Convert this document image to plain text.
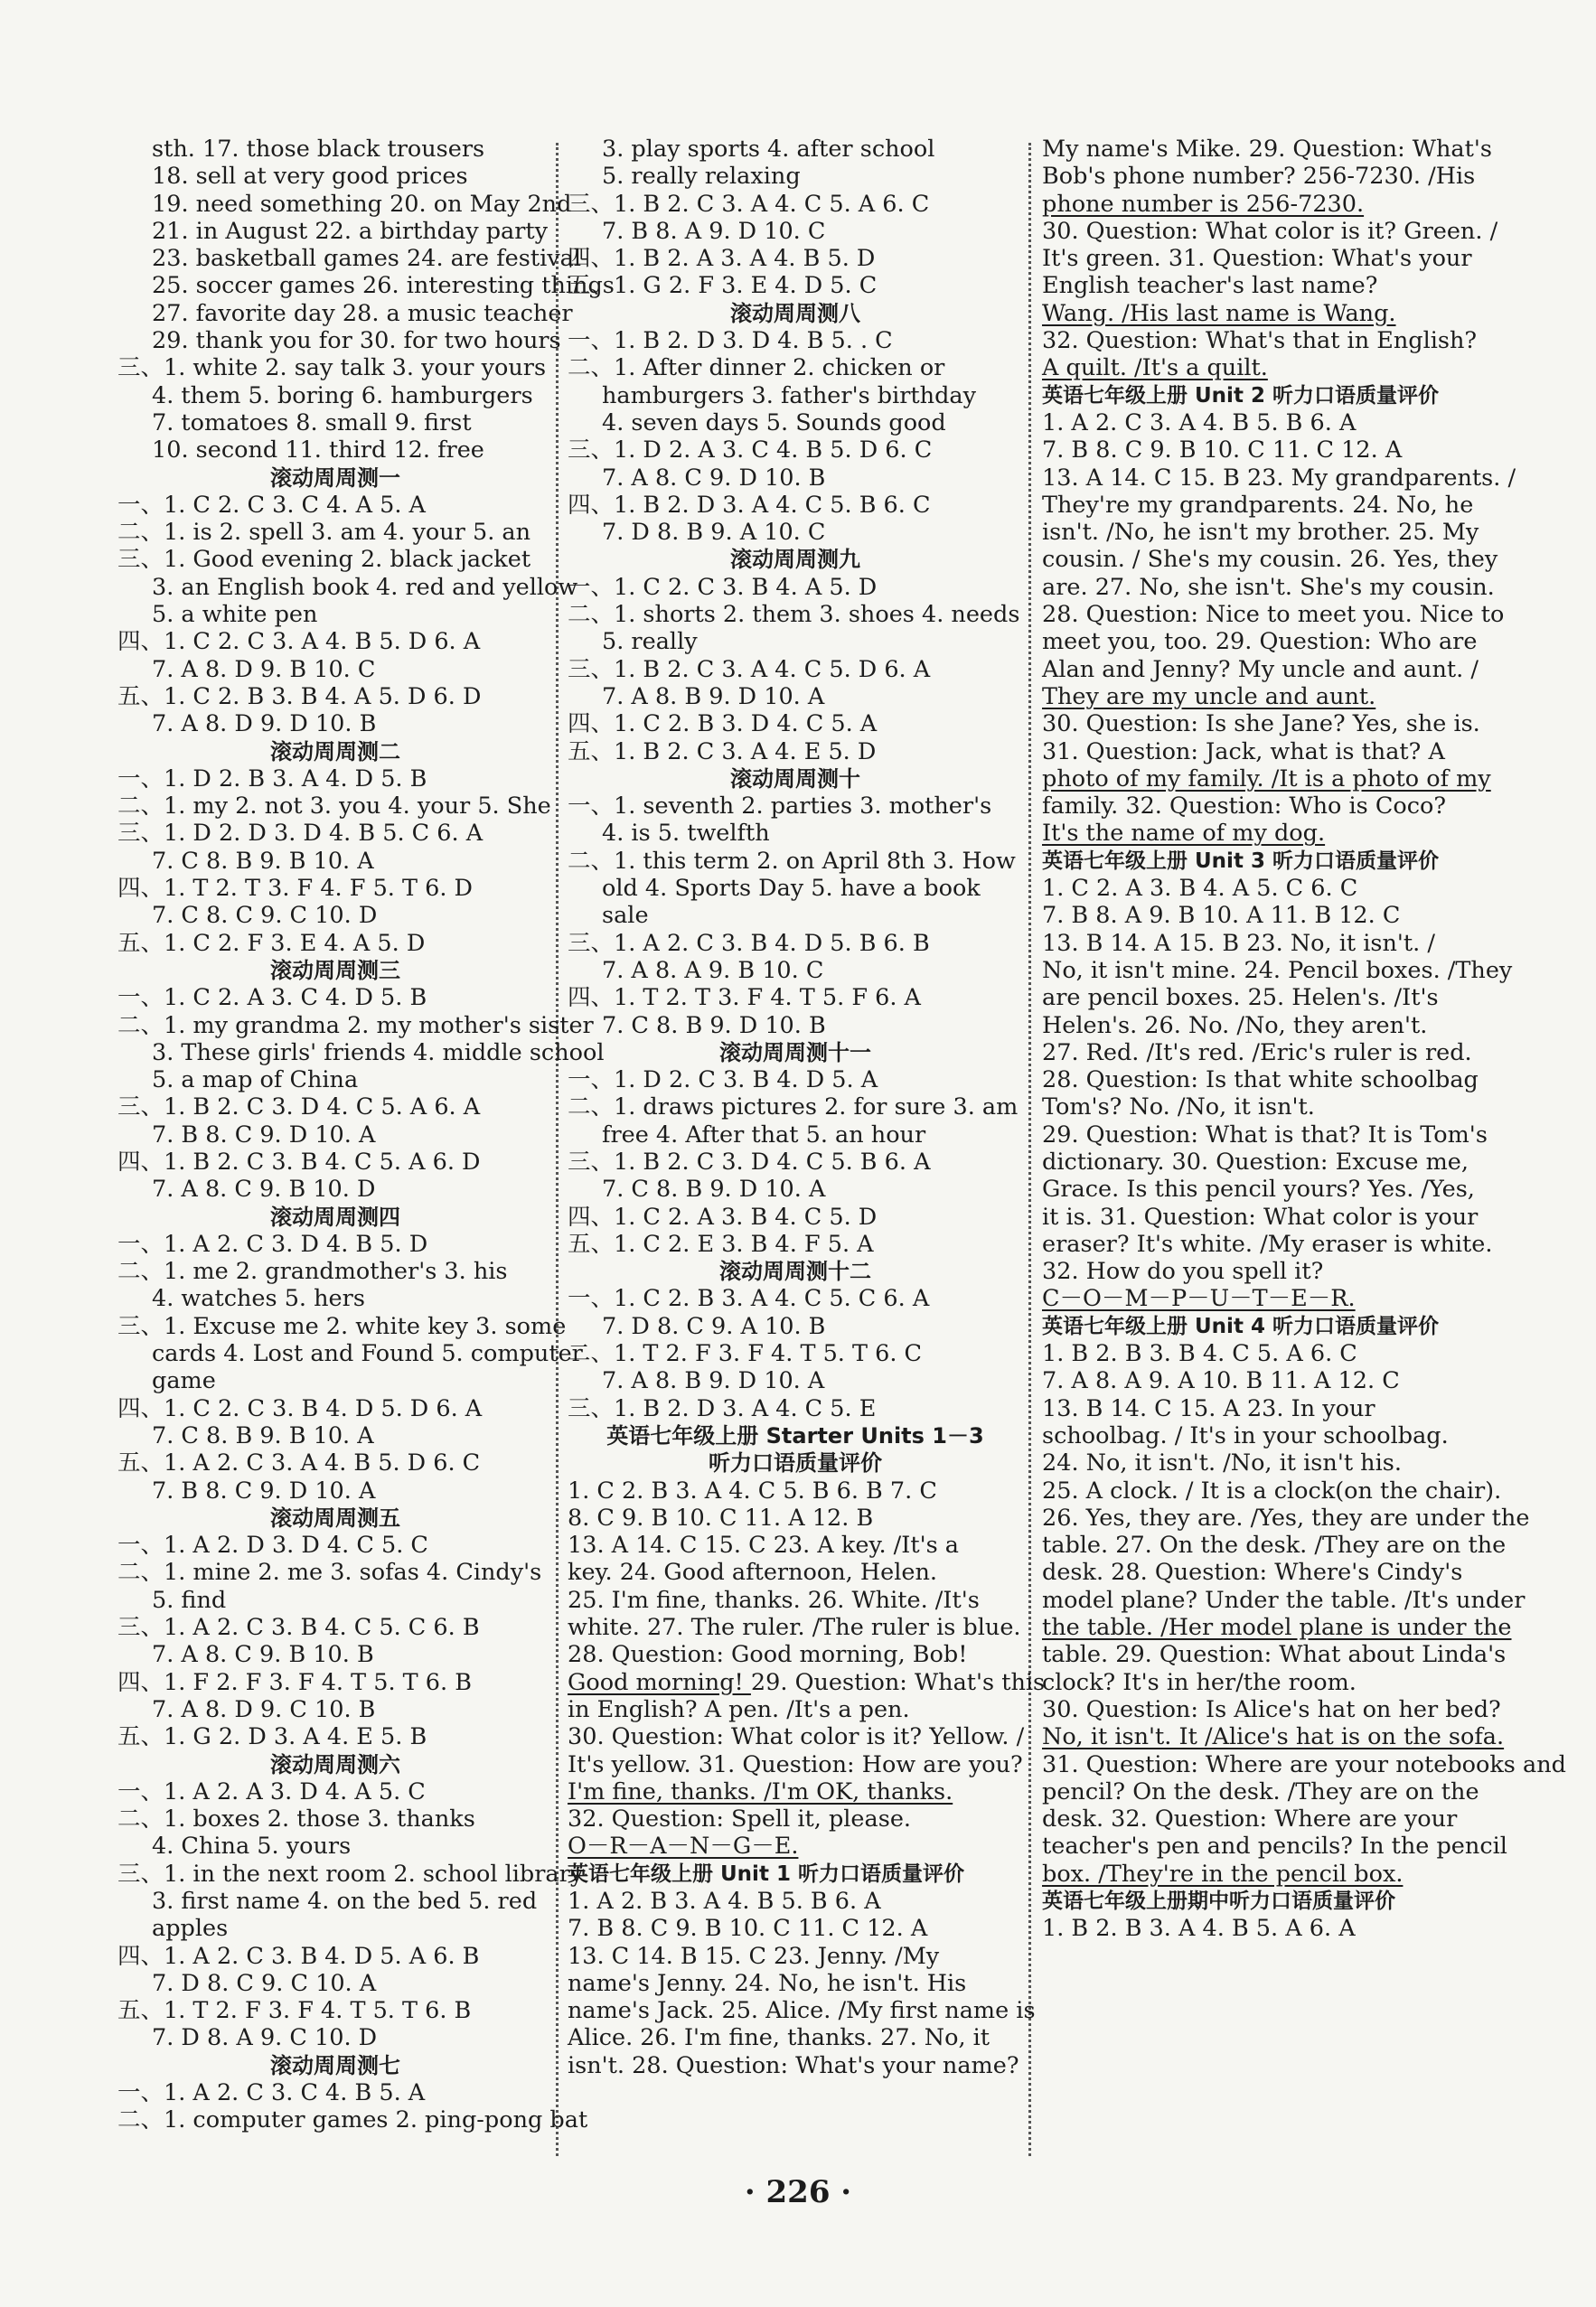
sth. 17. those black trousers
18. sell at very good prices
19. need something 20. on May 2nd
21. in August 22. a birthday party
23. basketball games 24. are festival
25. soccer games 26. interesting things
27. favorite day 28. a music teacher
29. thank you for 30. for two hours
三、1. white 2. say talk 3. your yours
4. them 5. boring 6. hamburgers
7. tomatoes 8. small 9. first
10. second 11. third 12. free
滚动周周测一
一、1. C 2. C 3. C 4. A 5. A
二、1. is 2. spell 3. am 4. your 5. an
三、1. Good evening 2. black jacket
3. an English book 4. red and yellow
5. a white pen
四、1. C 2. C 3. A 4. B 5. D 6. A
7. A 8. D 9. B 10. C
五、1. C 2. B 3. B 4. A 5. D 6. D
7. A 8. D 9. D 10. B
滚动周周测二
一、1. D 2. B 3. A 4. D 5. B
二、1. my 2. not 3. you 4. your 5. She
三、1. D 2. D 3. D 4. B 5. C 6. A
7. C 8. B 9. B 10. A
四、1. T 2. T 3. F 4. F 5. T 6. D
7. C 8. C 9. C 10. D
五、1. C 2. F 3. E 4. A 5. D
滚动周周测三
一、1. C 2. A 3. C 4. D 5. B
二、1. my grandma 2. my mother's sister
3. These girls' friends 4. middle school
5. a map of China
三、1. B 2. C 3. D 4. C 5. A 6. A
7. B 8. C 9. D 10. A
四、1. B 2. C 3. B 4. C 5. A 6. D
7. A 8. C 9. B 10. D
滚动周周测四
一、1. A 2. C 3. D 4. B 5. D
二、1. me 2. grandmother's 3. his
4. watches 5. hers
三、1. Excuse me 2. white key 3. some
cards 4. Lost and Found 5. computer
game
四、1. C 2. C 3. B 4. D 5. D 6. A
7. C 8. B 9. B 10. A
五、1. A 2. C 3. A 4. B 5. D 6. C
7. B 8. C 9. D 10. A
滚动周周测五
一、1. A 2. D 3. D 4. C 5. C
二、1. mine 2. me 3. sofas 4. Cindy's
5. find
三、1. A 2. C 3. B 4. C 5. C 6. B
7. A 8. C 9. B 10. B
四、1. F 2. F 3. F 4. T 5. T 6. B
7. A 8. D 9. C 10. B
五、1. G 2. D 3. A 4. E 5. B
滚动周周测六
一、1. A 2. A 3. D 4. A 5. C
二、1. boxes 2. those 3. thanks
4. China 5. yours
三、1. in the next room 2. school library
3. first name 4. on the bed 5. red
apples
四、1. A 2. C 3. B 4. D 5. A 6. B
7. D 8. C 9. C 10. A
五、1. T 2. F 3. F 4. T 5. T 6. B
7. D 8. A 9. C 10. D
滚动周周测七
一、1. A 2. C 3. C 4. B 5. A
二、1. computer games 2. ping-pong bat
3. play sports 4. after school
5. really relaxing
三、1. B 2. C 3. A 4. C 5. A 6. C
7. B 8. A 9. D 10. C
四、1. B 2. A 3. A 4. B 5. D
五、1. G 2. F 3. E 4. D 5. C
滚动周周测八
一、1. B 2. D 3. D 4. B 5. . C
二、1. After dinner 2. chicken or
hamburgers 3. father's birthday
4. seven days 5. Sounds good
三、1. D 2. A 3. C 4. B 5. D 6. C
7. A 8. C 9. D 10. B
四、1. B 2. D 3. A 4. C 5. B 6. C
7. D 8. B 9. A 10. C
滚动周周测九
一、1. C 2. C 3. B 4. A 5. D
二、1. shorts 2. them 3. shoes 4. needs
5. really
三、1. B 2. C 3. A 4. C 5. D 6. A
7. A 8. B 9. D 10. A
四、1. C 2. B 3. D 4. C 5. A
五、1. B 2. C 3. A 4. E 5. D
滚动周周测十
一、1. seventh 2. parties 3. mother's
4. is 5. twelfth
二、1. this term 2. on April 8th 3. How
old 4. Sports Day 5. have a book
sale
三、1. A 2. C 3. B 4. D 5. B 6. B
7. A 8. A 9. B 10. C
四、1. T 2. T 3. F 4. T 5. F 6. A
7. C 8. B 9. D 10. B
滚动周周测十一
一、1. D 2. C 3. B 4. D 5. A
二、1. draws pictures 2. for sure 3. am
free 4. After that 5. an hour
三、1. B 2. C 3. D 4. C 5. B 6. A
7. C 8. B 9. D 10. A
四、1. C 2. A 3. B 4. C 5. D
五、1. C 2. E 3. B 4. F 5. A
滚动周周测十二
一、1. C 2. B 3. A 4. C 5. C 6. A
7. D 8. C 9. A 10. B
二、1. T 2. F 3. F 4. T 5. T 6. C
7. A 8. B 9. D 10. A
三、1. B 2. D 3. A 4. C 5. E
英语七年级上册 Starter Units 1－3
听力口语质量评价
1. C 2. B 3. A 4. C 5. B 6. B 7. C
8. C 9. B 10. C 11. A 12. B
13. A 14. C 15. C 23. A key. /It's a
key. 24. Good afternoon, Helen.
25. I'm fine, thanks. 26. White. /It's
white. 27. The ruler. /The ruler is blue.
28. Question: Good morning, Bob!
Good morning! 29. Question: What's this
in English? A pen. /It's a pen.
30. Question: What color is it? Yellow. /
It's yellow. 31. Question: How are you?
I'm fine, thanks. /I'm OK, thanks.
32. Question: Spell it, please.
O－R－A－N－G－E.
英语七年级上册 Unit 1 听力口语质量评价
1. A 2. B 3. A 4. B 5. B 6. A
7. B 8. C 9. B 10. C 11. C 12. A
13. C 14. B 15. C 23. Jenny. /My
name's Jenny. 24. No, he isn't. His
name's Jack. 25. Alice. /My first name is
Alice. 26. I'm fine, thanks. 27. No, it
isn't. 28. Question: What's your name?
My name's Mike. 29. Question: What's
Bob's phone number? 256-7230. /His
phone number is 256-7230.
30. Question: What color is it? Green. /
It's green. 31. Question: What's your
English teacher's last name?
Wang. /His last name is Wang.
32. Question: What's that in English?
A quilt. /It's a quilt.
英语七年级上册 Unit 2 听力口语质量评价
1. A 2. C 3. A 4. B 5. B 6. A
7. B 8. C 9. B 10. C 11. C 12. A
13. A 14. C 15. B 23. My grandparents. /
They're my grandparents. 24. No, he
isn't. /No, he isn't my brother. 25. My
cousin. / She's my cousin. 26. Yes, they
are. 27. No, she isn't. She's my cousin.
28. Question: Nice to meet you. Nice to
meet you, too. 29. Question: Who are
Alan and Jenny? My uncle and aunt. /
They are my uncle and aunt.
30. Question: Is she Jane? Yes, she is.
31. Question: Jack, what is that? A
photo of my family. /It is a photo of my
family. 32. Question: Who is Coco?
It's the name of my dog.
英语七年级上册 Unit 3 听力口语质量评价
1. C 2. A 3. B 4. A 5. C 6. C
7. B 8. A 9. B 10. A 11. B 12. C
13. B 14. A 15. B 23. No, it isn't. /
No, it isn't mine. 24. Pencil boxes. /They
are pencil boxes. 25. Helen's. /It's
Helen's. 26. No. /No, they aren't.
27. Red. /It's red. /Eric's ruler is red.
28. Question: Is that white schoolbag
Tom's? No. /No, it isn't.
29. Question: What is that? It is Tom's
dictionary. 30. Question: Excuse me,
Grace. Is this pencil yours? Yes. /Yes,
it is. 31. Question: What color is your
eraser? It's white. /My eraser is white.
32. How do you spell it?
C－O－M－P－U－T－E－R.
英语七年级上册 Unit 4 听力口语质量评价
1. B 2. B 3. B 4. C 5. A 6. C
7. A 8. A 9. A 10. B 11. A 12. C
13. B 14. C 15. A 23. In your
schoolbag. / It's in your schoolbag.
24. No, it isn't. /No, it isn't his.
25. A clock. / It is a clock(on the chair).
26. Yes, they are. /Yes, they are under the
table. 27. On the desk. /They are on the
desk. 28. Question: Where's Cindy's
model plane? Under the table. /It's under
the table. /Her model plane is under the
table. 29. Question: What about Linda's
clock? It's in her/the room.
30. Question: Is Alice's hat on her bed?
No, it isn't. It /Alice's hat is on the sofa.
31. Question: Where are your notebooks and
pencil? On the desk. /They are on the
desk. 32. Question: Where are your
teacher's pen and pencils? In the pencil
box. /They're in the pencil box.
英语七年级上册期中听力口语质量评价
1. B 2. B 3. A 4. B 5. A 6. A
· 226 ·
